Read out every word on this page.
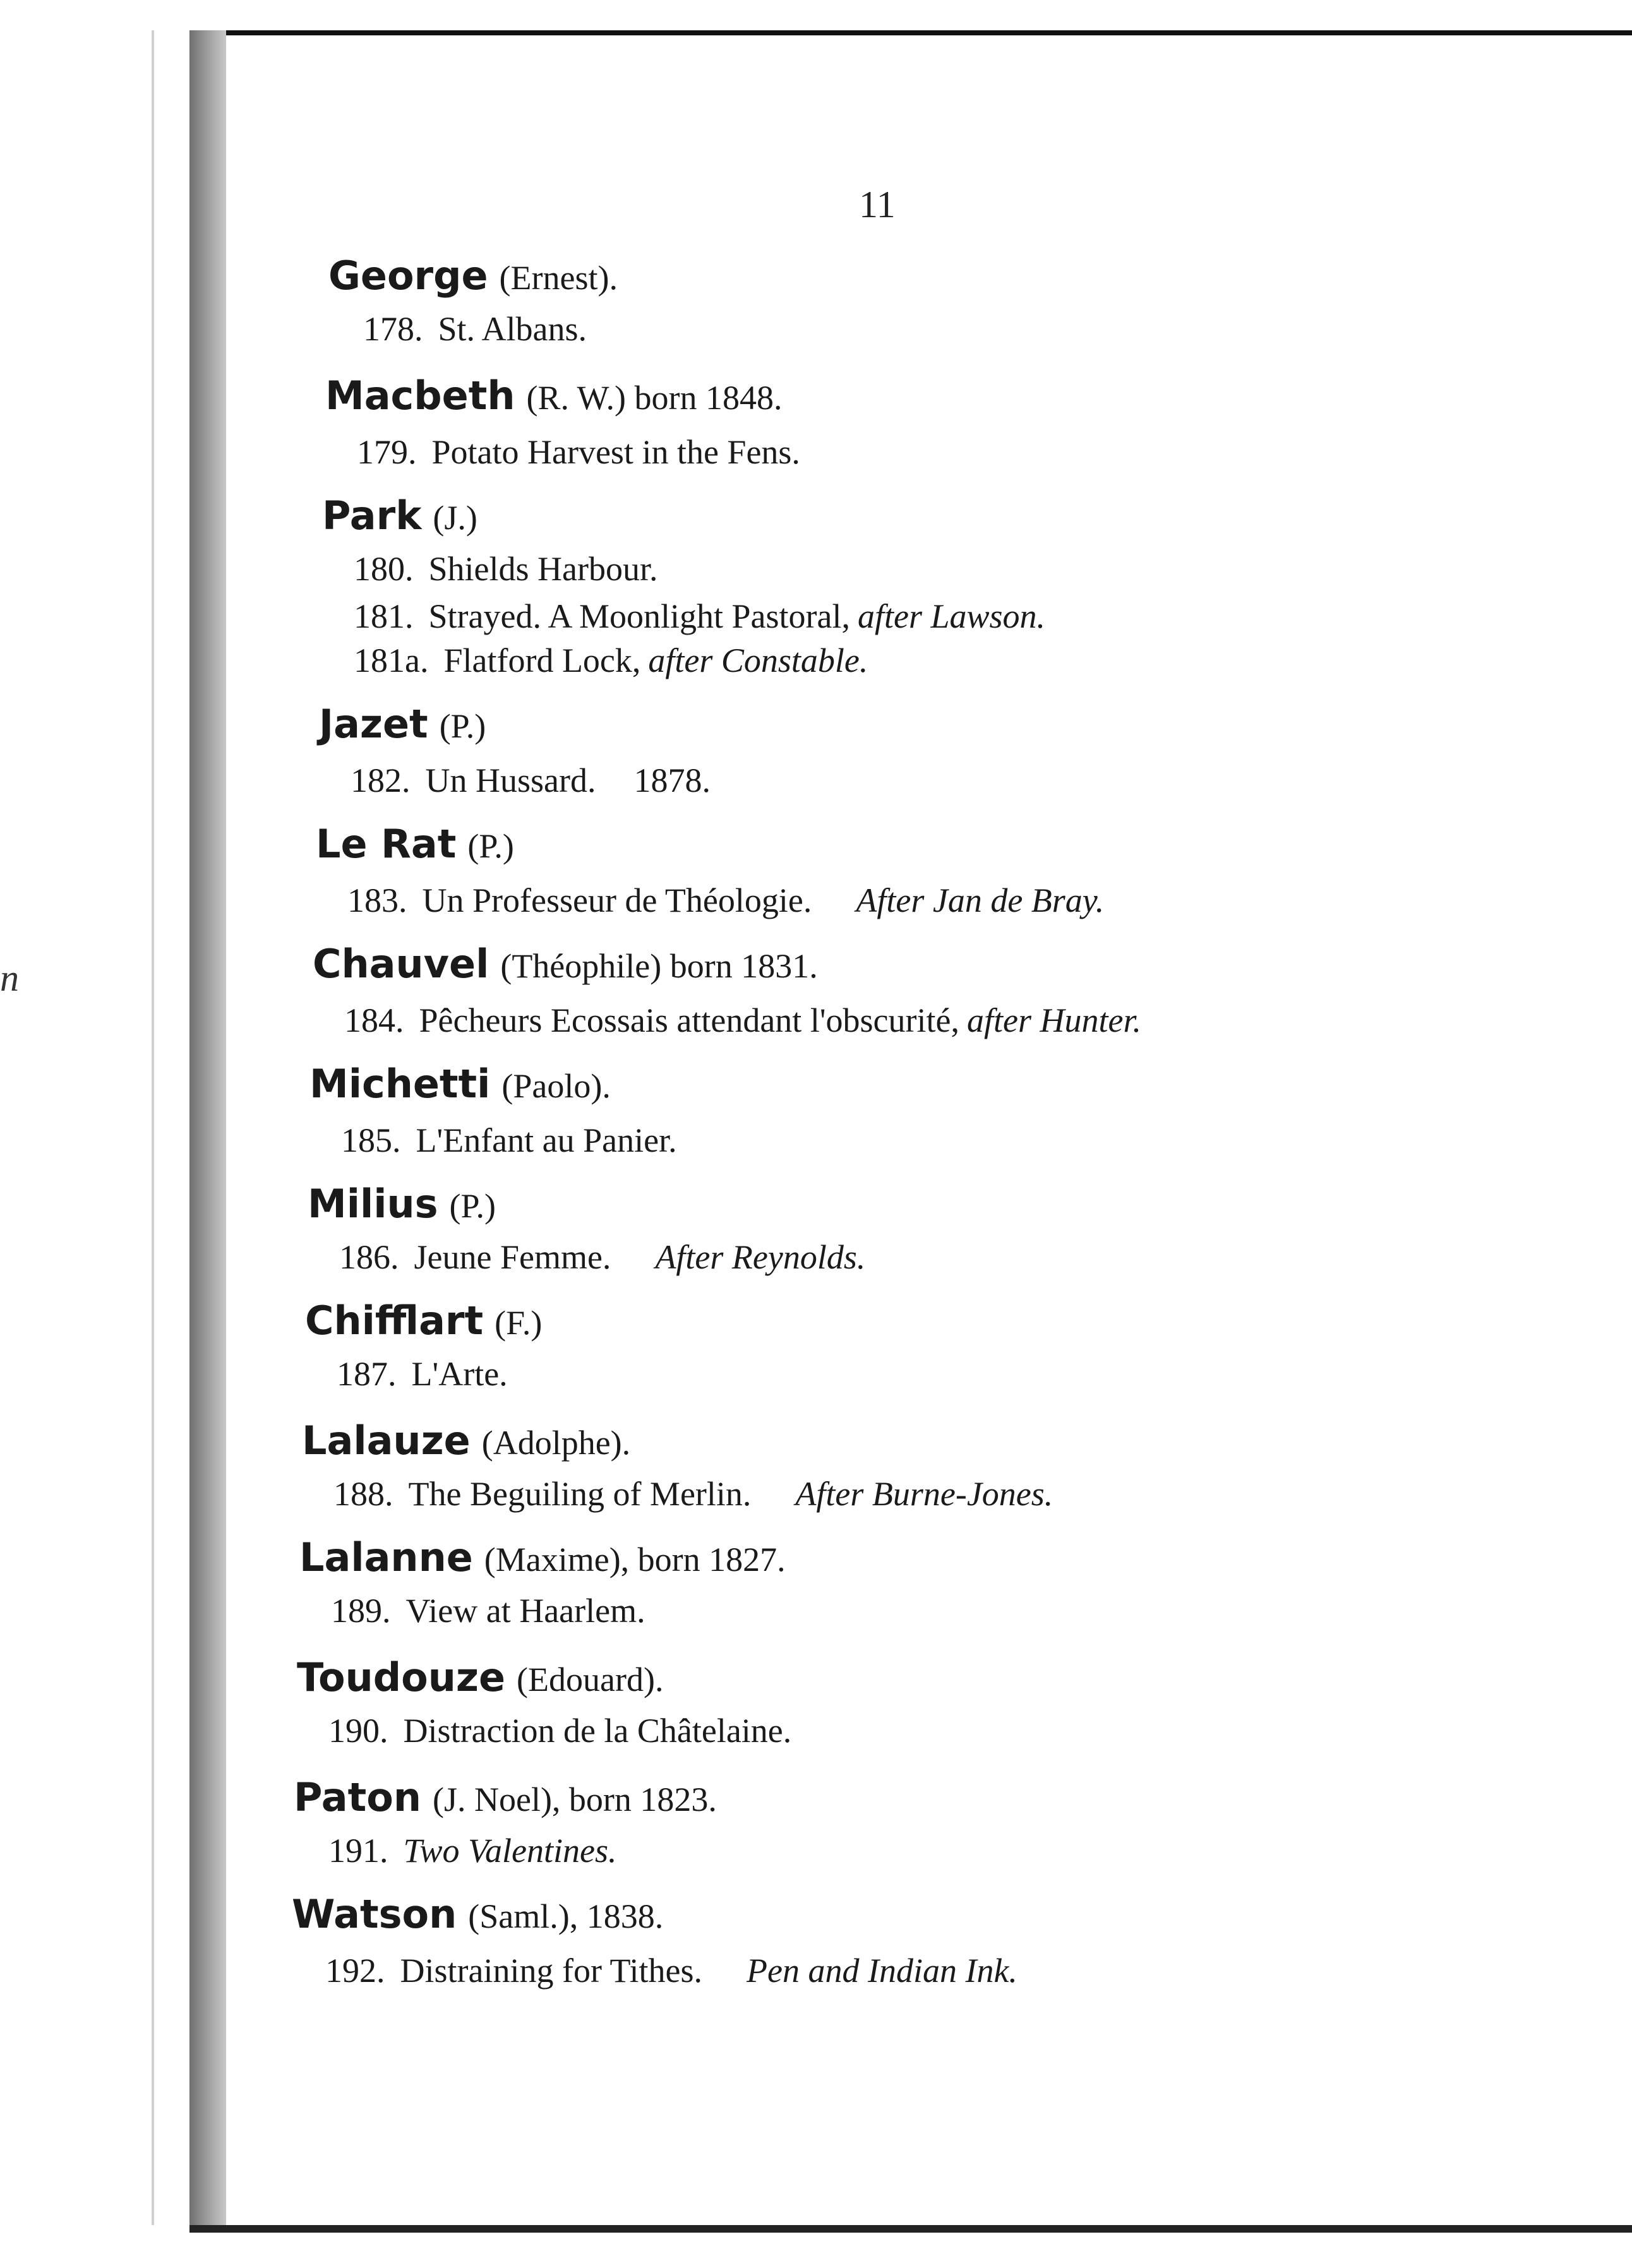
n
11
George (Ernest).
178. St. Albans.
Macbeth (R. W.) born 1848.
179. Potato Harvest in the Fens.
Park (J.)
180. Shields Harbour.
181. Strayed. A Moonlight Pastoral, after Lawson.
181a. Flatford Lock, after Constable.
Jazet (P.)
182. Un Hussard. 1878.
Le Rat (P.)
183. Un Professeur de Théologie. After Jan de Bray.
Chauvel (Théophile) born 1831.
184. Pêcheurs Ecossais attendant l'obscurité, after Hunter.
Michetti (Paolo).
185. L'Enfant au Panier.
Milius (P.)
186. Jeune Femme. After Reynolds.
Chifflart (F.)
187. L'Arte.
Lalauze (Adolphe).
188. The Beguiling of Merlin. After Burne-Jones.
Lalanne (Maxime), born 1827.
189. View at Haarlem.
Toudouze (Edouard).
190. Distraction de la Châtelaine.
Paton (J. Noel), born 1823.
191. Two Valentines.
Watson (Saml.), 1838.
192. Distraining for Tithes. Pen and Indian Ink.
